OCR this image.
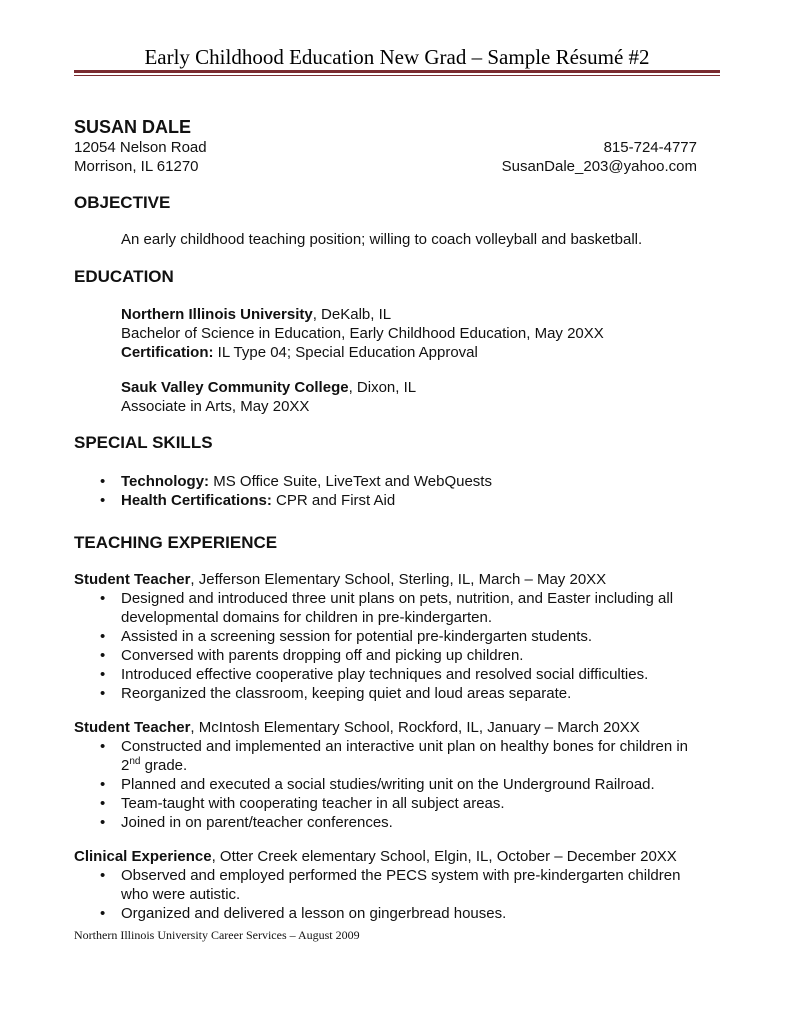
Early Childhood Education New Grad – Sample Résumé #2
SUSAN DALE
12054 Nelson Road
Morrison, IL 61270
815-724-4777
SusanDale_203@yahoo.com
OBJECTIVE

An early childhood teaching position; willing to coach volleyball and basketball.

EDUCATION

Northern Illinois University, DeKalb, IL

Bachelor of Science in Education, Early Childhood Education, May 20XX

Certification: IL Type 04; Special Education Approval

Sauk Valley Community College, Dixon, IL

Associate in Arts, May 20XX

SPECIAL SKILLS
• Technology: MS Office Suite, LiveText and WebQuests
• Health Certifications: CPR and First Aid
TEACHING EXPERIENCE

Student Teacher, Jefferson Elementary School, Sterling, IL, March – May 20XX

• Designed and introduced three unit plans on pets, nutrition, and Easter including all developmental domains for children in pre-kindergarten.
• Assisted in a screening session for potential pre-kindergarten students.
• Conversed with parents dropping off and picking up children.
• Introduced effective cooperative play techniques and resolved social difficulties.
• Reorganized the classroom, keeping quiet and loud areas separate.

Student Teacher, McIntosh Elementary School, Rockford, IL, January – March 20XX

• Constructed and implemented an interactive unit plan on healthy bones for children in 2nd grade.
• Planned and executed a social studies/writing unit on the Underground Railroad.
• Team-taught with cooperating teacher in all subject areas.
• Joined in on parent/teacher conferences.

Clinical Experience, Otter Creek elementary School, Elgin, IL, October – December 20XX

• Observed and employed performed the PECS system with pre-kindergarten children who were autistic.
• Organized and delivered a lesson on gingerbread houses.
Northern Illinois University Career Services – August 2009
